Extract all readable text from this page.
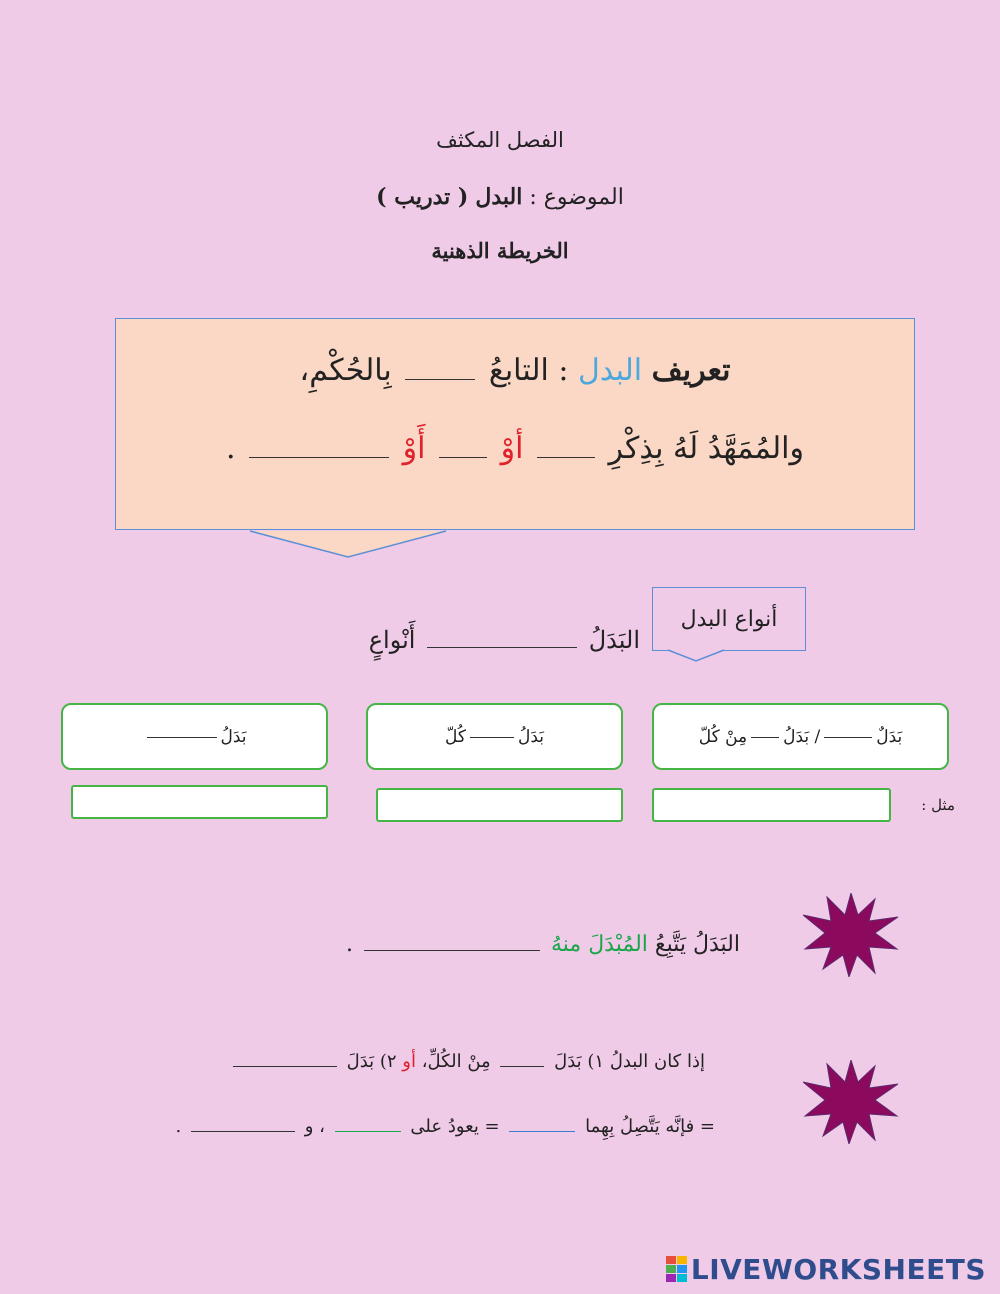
الفصل المكثف
الموضوع : البدل ( تدريب )
الخريطة الذهنية
تعريف البدل : التابعُ  بِالحُكْمِ،
والمُمَهَّدُ لَهُ بِذِكْرِ  أوْ  أَوْ  .
أنواع البدل
البَدَلُ  أَنْواعٍ
بَدَلٌ
/ بَدَلُ
مِنْ كُلّ
بَدَلُ
كُلّ
بَدَلُ
مثل :
البَدَلُ يَتَّبِعُ المُبْدَلَ منهُ  .
إذا كان البدلُ ١) بَدَلَ  مِنْ الكُلِّ، أو ٢) بَدَلَ
= فإنَّه يَتَّصِلُ بِهِما  = يعودُ على  ، و  .
LIVEWORKSHEETS
